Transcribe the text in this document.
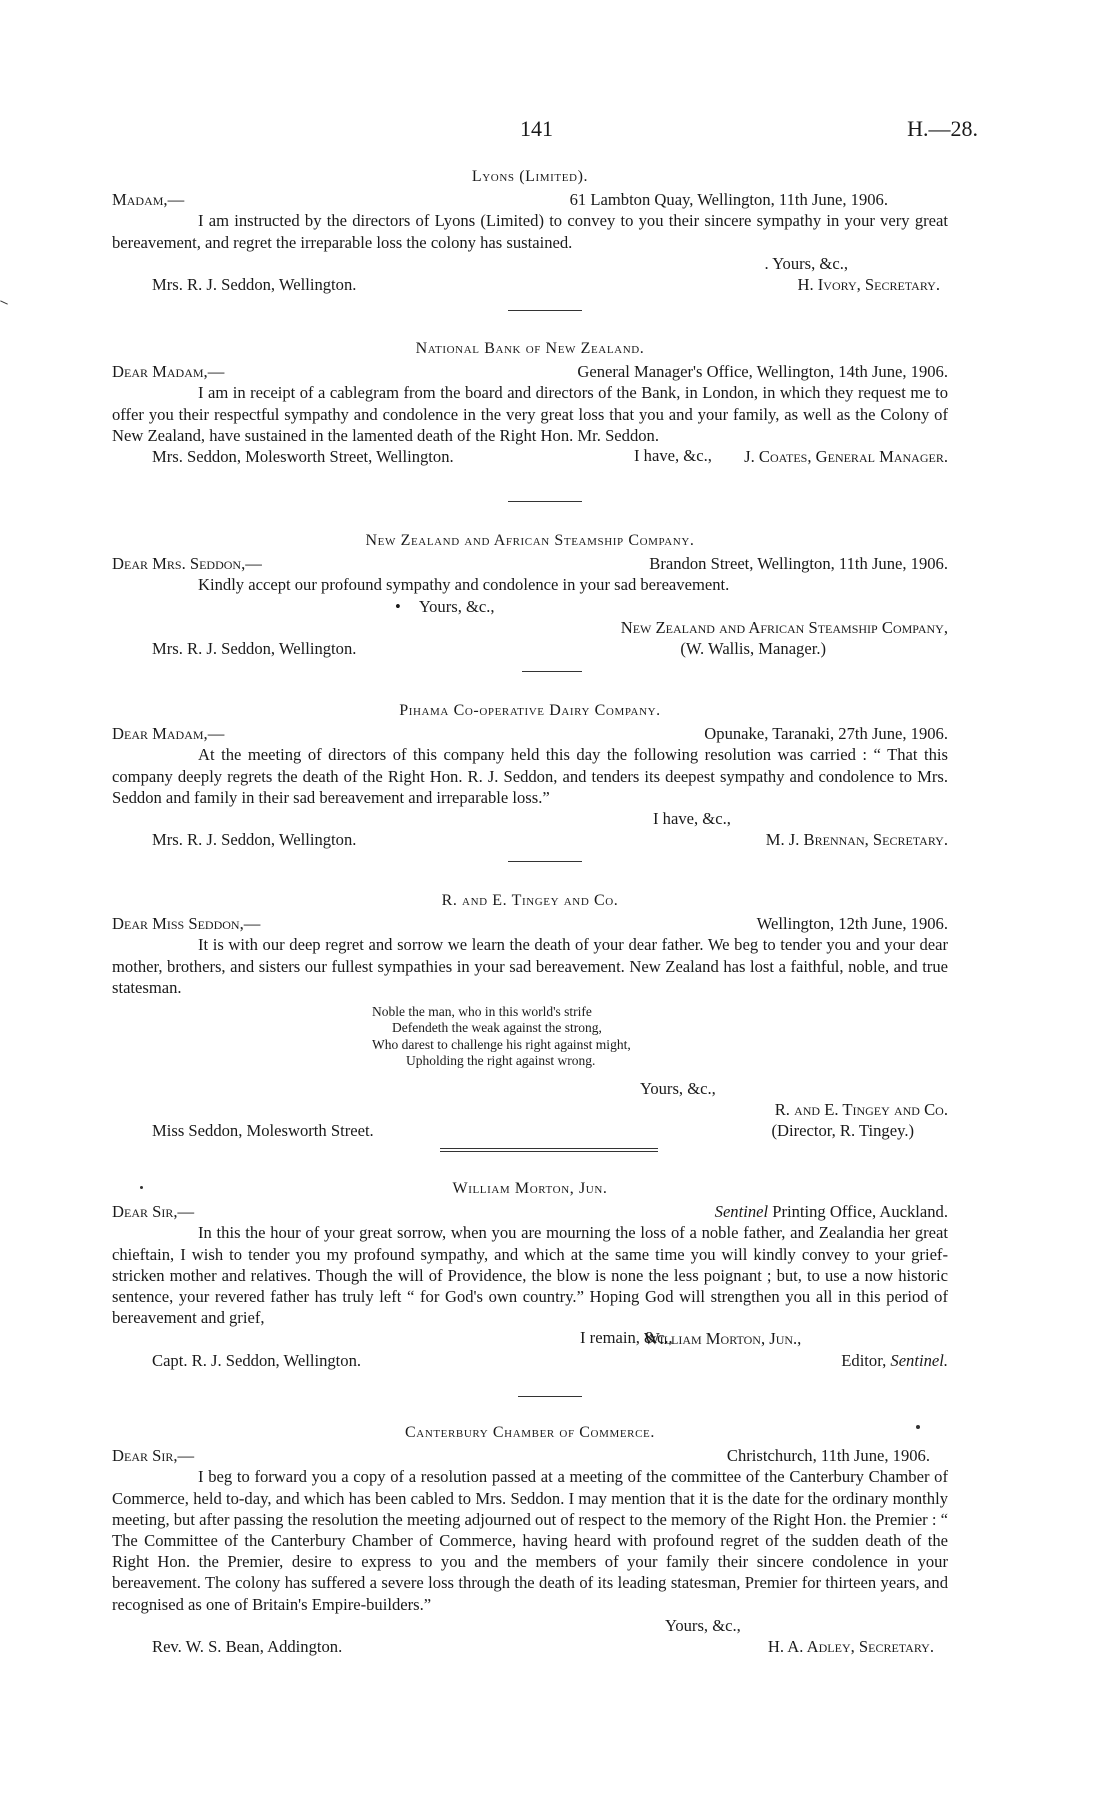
141	H.—28.
Lyons (Limited).
Madam,—	61 Lambton Quay, Wellington, 11th June, 1906.
I am instructed by the directors of Lyons (Limited) to convey to you their sincere sympathy in your very great bereavement, and regret the irreparable loss the colony has sustained.
. Yours, &c.,
Mrs. R. J. Seddon, Wellington.	H. Ivory, Secretary.
National Bank of New Zealand.
Dear Madam,—	General Manager's Office, Wellington, 14th June, 1906.
I am in receipt of a cablegram from the board and directors of the Bank, in London, in which they request me to offer you their respectful sympathy and condolence in the very great loss that you and your family, as well as the Colony of New Zealand, have sustained in the lamented death of the Right Hon. Mr. Seddon.
I have, &c.,
Mrs. Seddon, Molesworth Street, Wellington.	J. Coates, General Manager.
New Zealand and African Steamship Company.
Dear Mrs. Seddon,—	Brandon Street, Wellington, 11th June, 1906.
Kindly accept our profound sympathy and condolence in your sad bereavement.
• Yours, &c.,
New Zealand and African Steamship Company,
Mrs. R. J. Seddon, Wellington.	(W. Wallis, Manager.)
Pihama Co-operative Dairy Company.
Dear Madam,—	Opunake, Taranaki, 27th June, 1906.
At the meeting of directors of this company held this day the following resolution was carried : “ That this company deeply regrets the death of the Right Hon. R. J. Seddon, and tenders its deepest sympathy and condolence to Mrs. Seddon and family in their sad bereavement and irreparable loss.”
I have, &c.,
Mrs. R. J. Seddon, Wellington.	M. J. Brennan, Secretary.
R. and E. Tingey and Co.
Dear Miss Seddon,—	Wellington, 12th June, 1906.
It is with our deep regret and sorrow we learn the death of your dear father. We beg to tender you and your dear mother, brothers, and sisters our fullest sympathies in your sad bereavement. New Zealand has lost a faithful, noble, and true statesman.
Noble the man, who in this world's strife
Defendeth the weak against the strong,
Who darest to challenge his right against might,
Upholding the right against wrong.
Yours, &c.,
R. and E. Tingey and Co.
Miss Seddon, Molesworth Street.	(Director, R. Tingey.)
William Morton, Jun.
Dear Sir,—	Sentinel Printing Office, Auckland.
In this the hour of your great sorrow, when you are mourning the loss of a noble father, and Zealandia her great chieftain, I wish to tender you my profound sympathy, and which at the same time you will kindly convey to your grief-stricken mother and relatives. Though the will of Providence, the blow is none the less poignant ; but, to use a now historic sentence, your revered father has truly left “ for God's own country.” Hoping God will strengthen you all in this period of bereavement and grief,
I remain, &c.,
William Morton, Jun.,
Capt. R. J. Seddon, Wellington.	Editor, Sentinel.
Canterbury Chamber of Commerce.
Dear Sir,—	Christchurch, 11th June, 1906.
I beg to forward you a copy of a resolution passed at a meeting of the committee of the Canterbury Chamber of Commerce, held to-day, and which has been cabled to Mrs. Seddon. I may mention that it is the date for the ordinary monthly meeting, but after passing the resolution the meeting adjourned out of respect to the memory of the Right Hon. the Premier : “ The Committee of the Canterbury Chamber of Commerce, having heard with profound regret of the sudden death of the Right Hon. the Premier, desire to express to you and the members of your family their sincere condolence in your bereavement. The colony has suffered a severe loss through the death of its leading statesman, Premier for thirteen years, and recognised as one of Britain's Empire-builders.”
Yours, &c.,
Rev. W. S. Bean, Addington.	H. A. Adley, Secretary.
